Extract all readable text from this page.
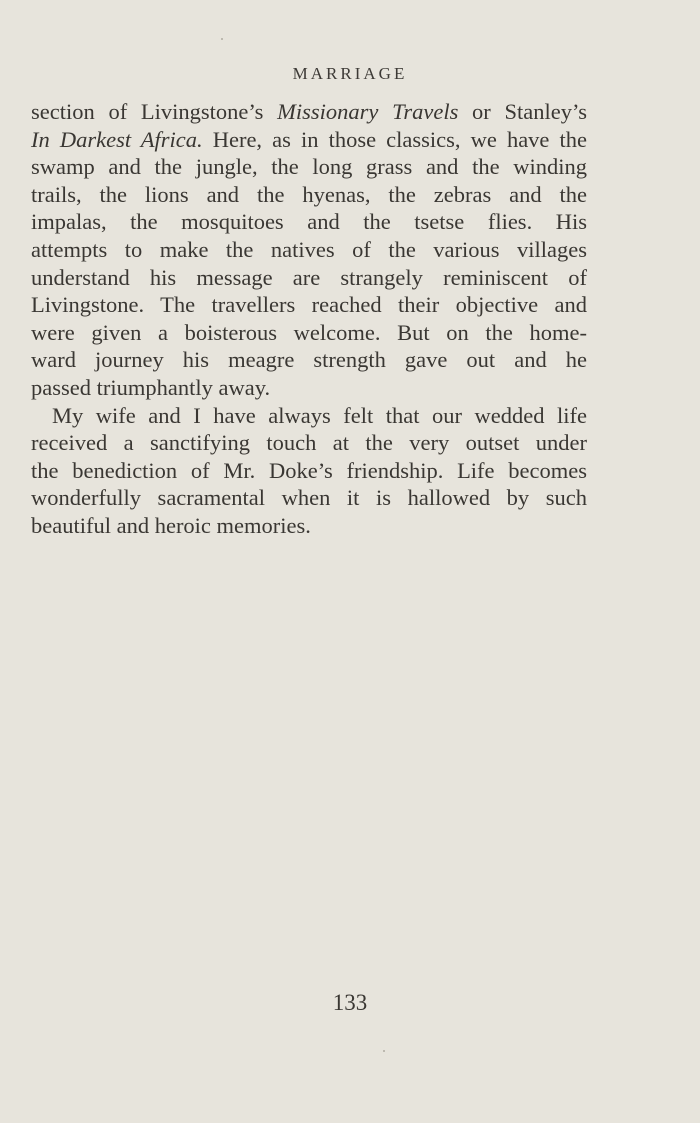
MARRIAGE
section of Livingstone’s Missionary Travels or Stanley’s
In Darkest Africa. Here, as in those classics, we have the
swamp and the jungle, the long grass and the winding
trails, the lions and the hyenas, the zebras and the
impalas, the mosquitoes and the tsetse flies. His
attempts to make the natives of the various villages
understand his message are strangely reminiscent of
Livingstone. The travellers reached their objective and
were given a boisterous welcome. But on the home-
ward journey his meagre strength gave out and he
passed triumphantly away.
My wife and I have always felt that our wedded life
received a sanctifying touch at the very outset under
the benediction of Mr. Doke’s friendship. Life becomes
wonderfully sacramental when it is hallowed by such
beautiful and heroic memories.
133
